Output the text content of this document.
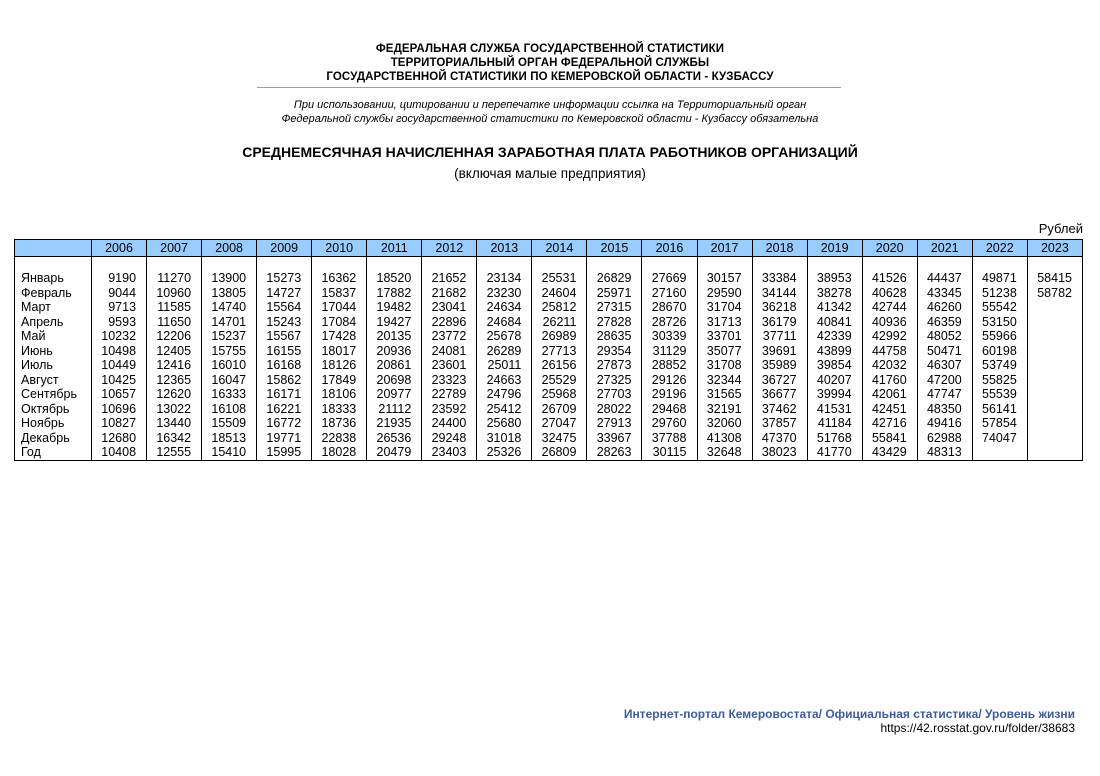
ФЕДЕРАЛЬНАЯ СЛУЖБА ГОСУДАРСТВЕННОЙ СТАТИСТИКИ
ТЕРРИТОРИАЛЬНЫЙ ОРГАН ФЕДЕРАЛЬНОЙ СЛУЖБЫ
ГОСУДАРСТВЕННОЙ СТАТИСТИКИ ПО КЕМЕРОВСКОЙ ОБЛАСТИ - КУЗБАССУ
При использовании, цитировании и перепечатке информации ссылка на Территориальный орган
Федеральной службы государственной статистики по Кемеровской области - Кузбассу обязательна
СРЕДНЕМЕСЯЧНАЯ НАЧИСЛЕННАЯ ЗАРАБОТНАЯ ПЛАТА РАБОТНИКОВ ОРГАНИЗАЦИЙ
(включая малые предприятия)
Рублей
	2006	2007	2008	2009	2010	2011	2012	2013	2014	2015	2016	2017	2018	2019	2020	2021	2022	2023

Январь	9190	11270	13900	15273	16362	18520	21652	23134	25531	26829	27669	30157	33384	38953	41526	44437	49871	58415
Февраль	9044	10960	13805	14727	15837	17882	21682	23230	24604	25971	27160	29590	34144	38278	40628	43345	51238	58782
Март	9713	11585	14740	15564	17044	19482	23041	24634	25812	27315	28670	31704	36218	41342	42744	46260	55542	
Апрель	9593	11650	14701	15243	17084	19427	22896	24684	26211	27828	28726	31713	36179	40841	40936	46359	53150	
Май	10232	12206	15237	15567	17428	20135	23772	25678	26989	28635	30339	33701	37711	42339	42992	48052	55966	
Июнь	10498	12405	15755	16155	18017	20936	24081	26289	27713	29354	31129	35077	39691	43899	44758	50471	60198	
Июль	10449	12416	16010	16168	18126	20861	23601	25011	26156	27873	28852	31708	35989	39854	42032	46307	53749	
Август	10425	12365	16047	15862	17849	20698	23323	24663	25529	27325	29126	32344	36727	40207	41760	47200	55825	
Сентябрь	10657	12620	16333	16171	18106	20977	22789	24796	25968	27703	29196	31565	36677	39994	42061	47747	55539	
Октябрь	10696	13022	16108	16221	18333	21112	23592	25412	26709	28022	29468	32191	37462	41531	42451	48350	56141	
Ноябрь	10827	13440	15509	16772	18736	21935	24400	25680	27047	27913	29760	32060	37857	41184	42716	49416	57854	
Декабрь	12680	16342	18513	19771	22838	26536	29248	31018	32475	33967	37788	41308	47370	51768	55841	62988	74047	
Год	10408	12555	15410	15995	18028	20479	23403	25326	26809	28263	30115	32648	38023	41770	43429	48313		
Интернет-портал Кемеровостата/ Официальная статистика/ Уровень жизни
https://42.rosstat.gov.ru/folder/38683
